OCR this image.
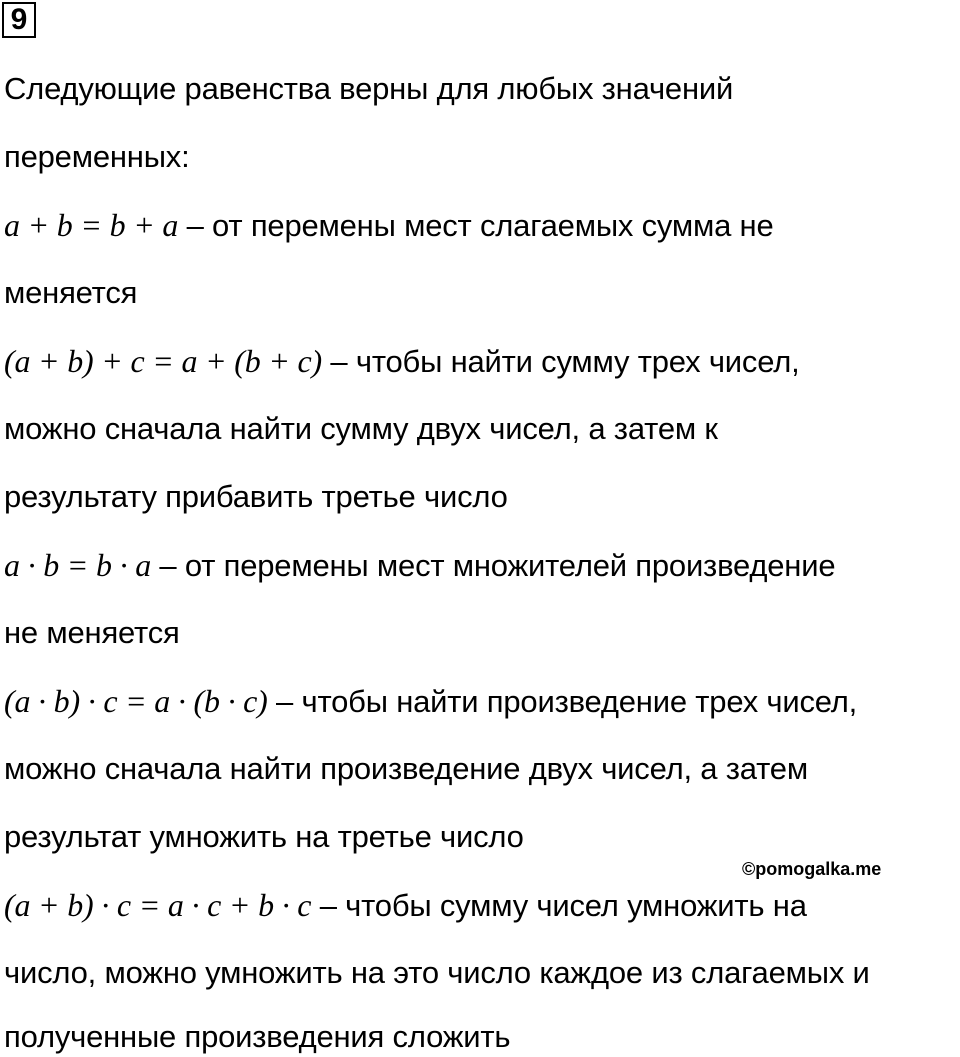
9
Следующие равенства верны для любых значений
переменных:
a + b = b + a – от перемены мест слагаемых сумма не
меняется
(a + b) + c = a + (b + c) – чтобы найти сумму трех чисел,
можно сначала найти сумму двух чисел, а затем к
результату прибавить третье число
a · b = b · a – от перемены мест множителей произведение
не меняется
(a · b) · c = a · (b · c) – чтобы найти произведение трех чисел,
можно сначала найти произведение двух чисел, а затем
результат умножить на третье число
©pomogalka.me
(a + b) · c = a · c + b · c – чтобы сумму чисел умножить на
число, можно умножить на это число каждое из слагаемых и
полученные произведения сложить
